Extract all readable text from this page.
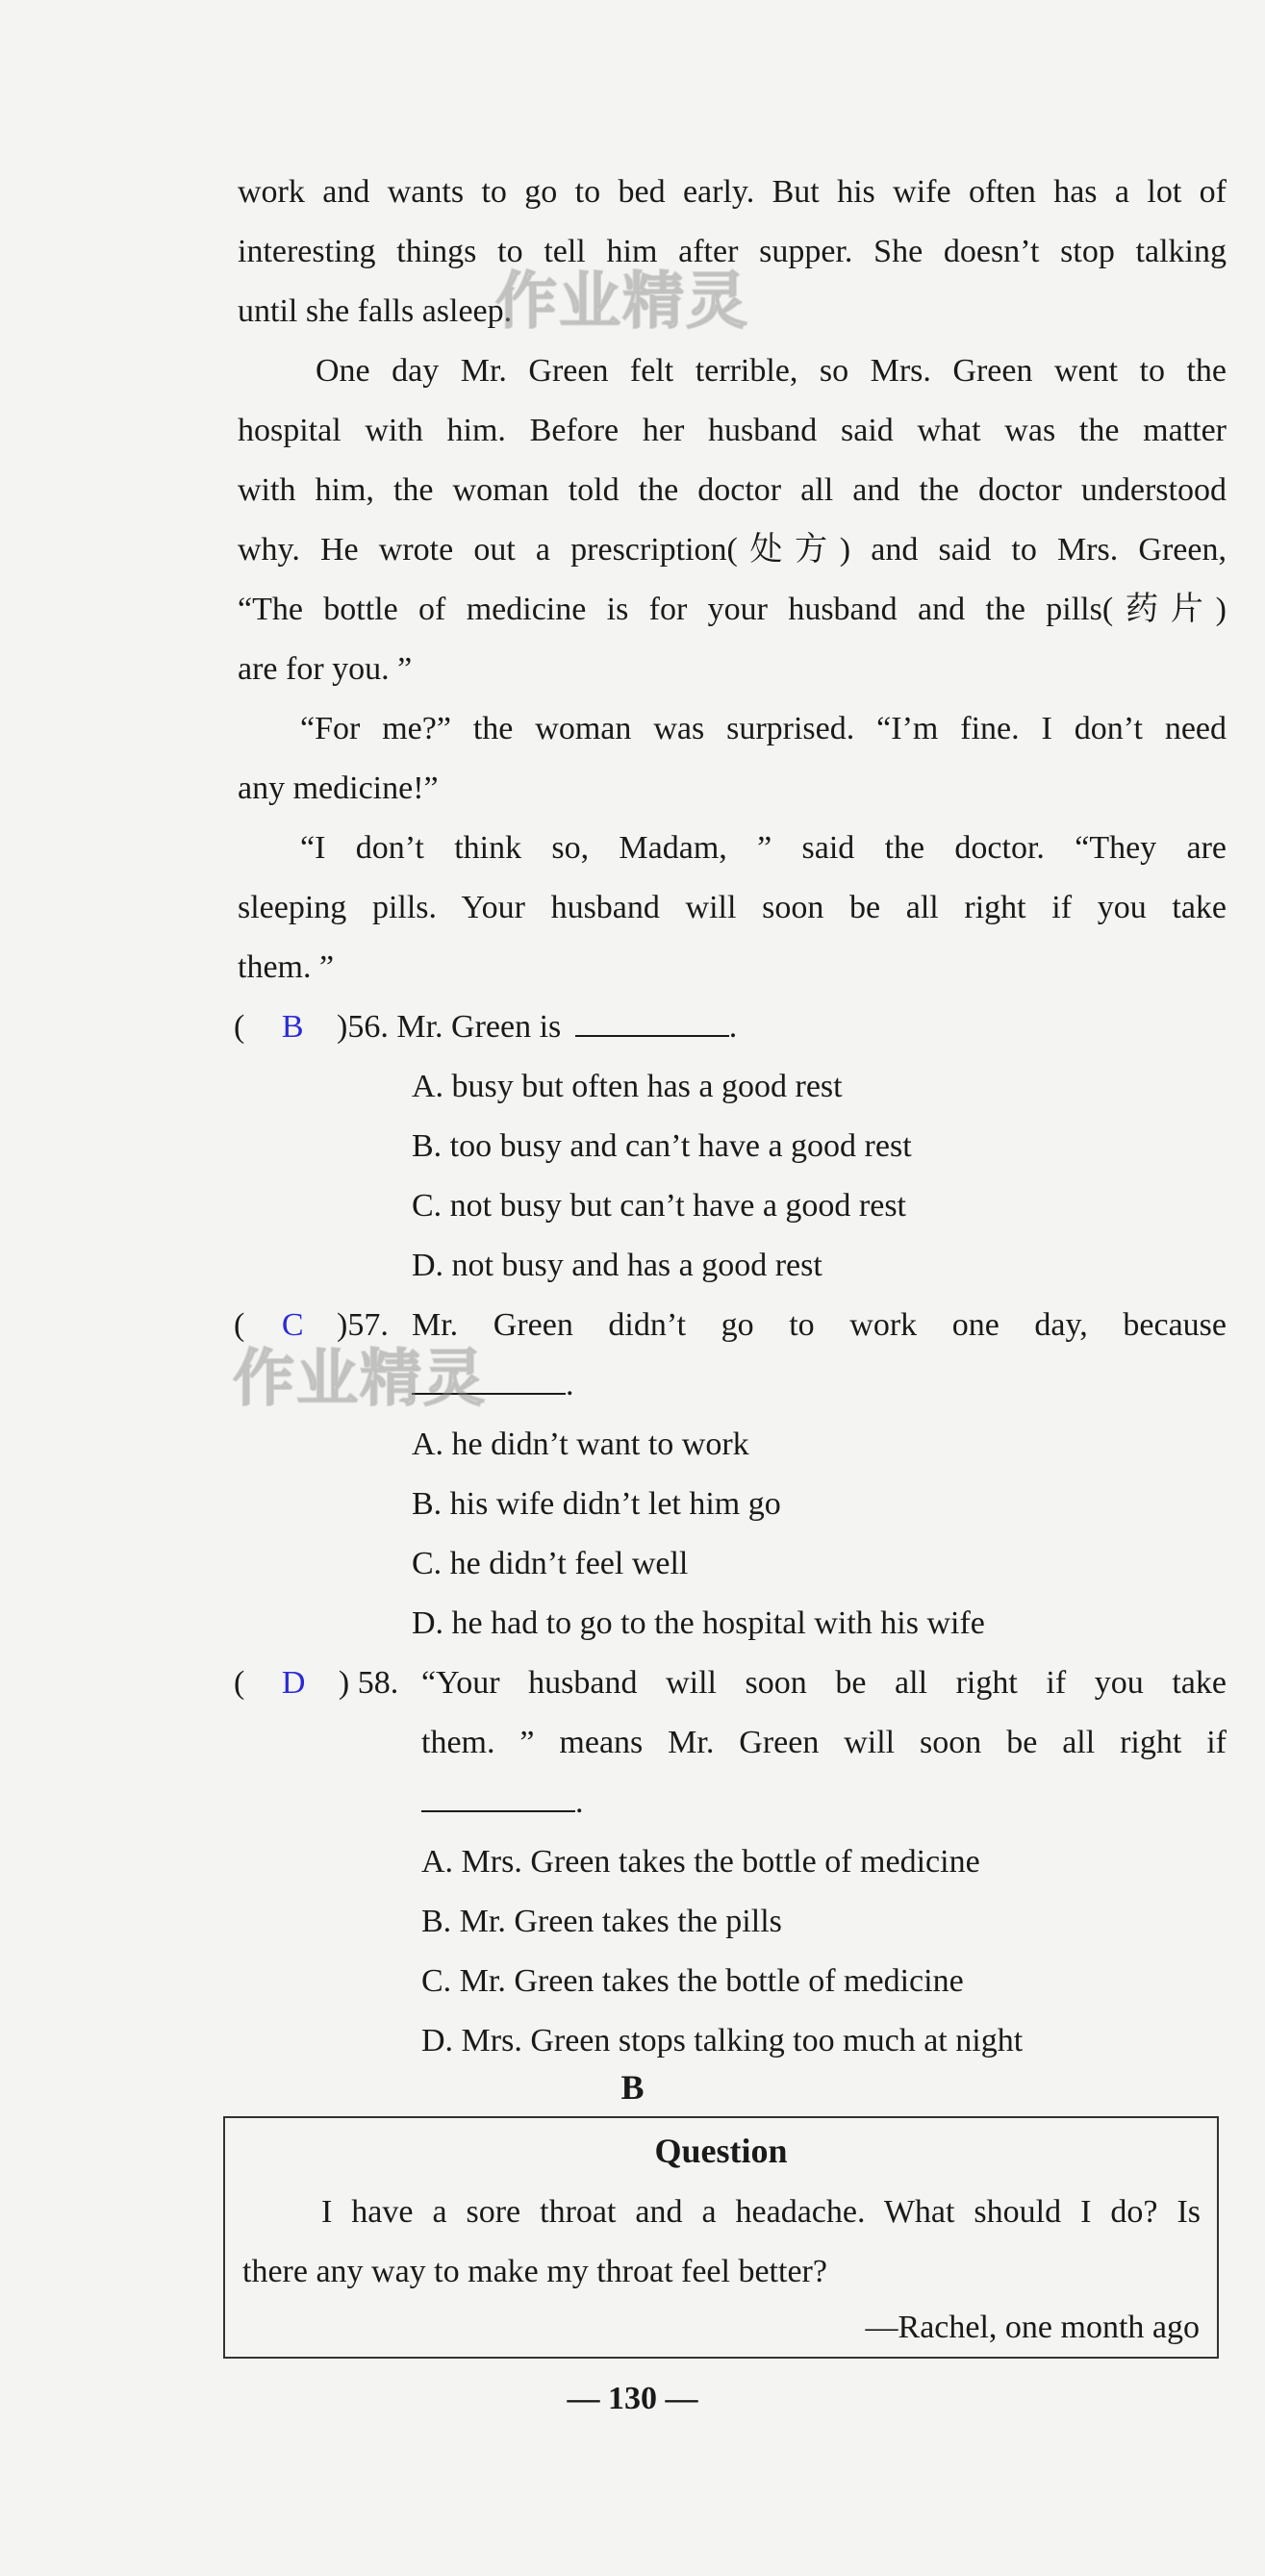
work and wants to go to bed early. But his wife often has a lot of
interesting things to tell him after supper. She doesn’t stop talking
until she falls asleep.
One day Mr. Green felt terrible, so Mrs. Green went to the
hospital with him. Before her husband said what was the matter
with him, the woman told the doctor all and the doctor understood
why. He wrote out a prescription(处方) and said to Mrs. Green,
“The bottle of medicine is for your husband and the pills(药片)
are for you. ”
“For me?” the woman was surprised. “I’m fine. I don’t need
any medicine!”
“I don’t think so, Madam, ” said the doctor. “They are
sleeping pills. Your husband will soon be all right if you take
them. ”
( B )56. Mr. Green is	.
A. busy but often has a good rest
B. too busy and can’t have a good rest
C. not busy but can’t have a good rest
D. not busy and has a good rest
( C )57. Mr. Green didn’t go to work one day, because
.
A. he didn’t want to work
B. his wife didn’t let him go
C. he didn’t feel well
D. he had to go to the hospital with his wife
( D ) 58. “Your husband will soon be all right if you take
them. ” means Mr. Green will soon be all right if
.
A. Mrs. Green takes the bottle of medicine
B. Mr. Green takes the pills
C. Mr. Green takes the bottle of medicine
D. Mrs. Green stops talking too much at night
B
Question
I have a sore throat and a headache. What should I do? Is
there any way to make my throat feel better?
—Rachel, one month ago
— 130 —
作业精灵
作业精灵
